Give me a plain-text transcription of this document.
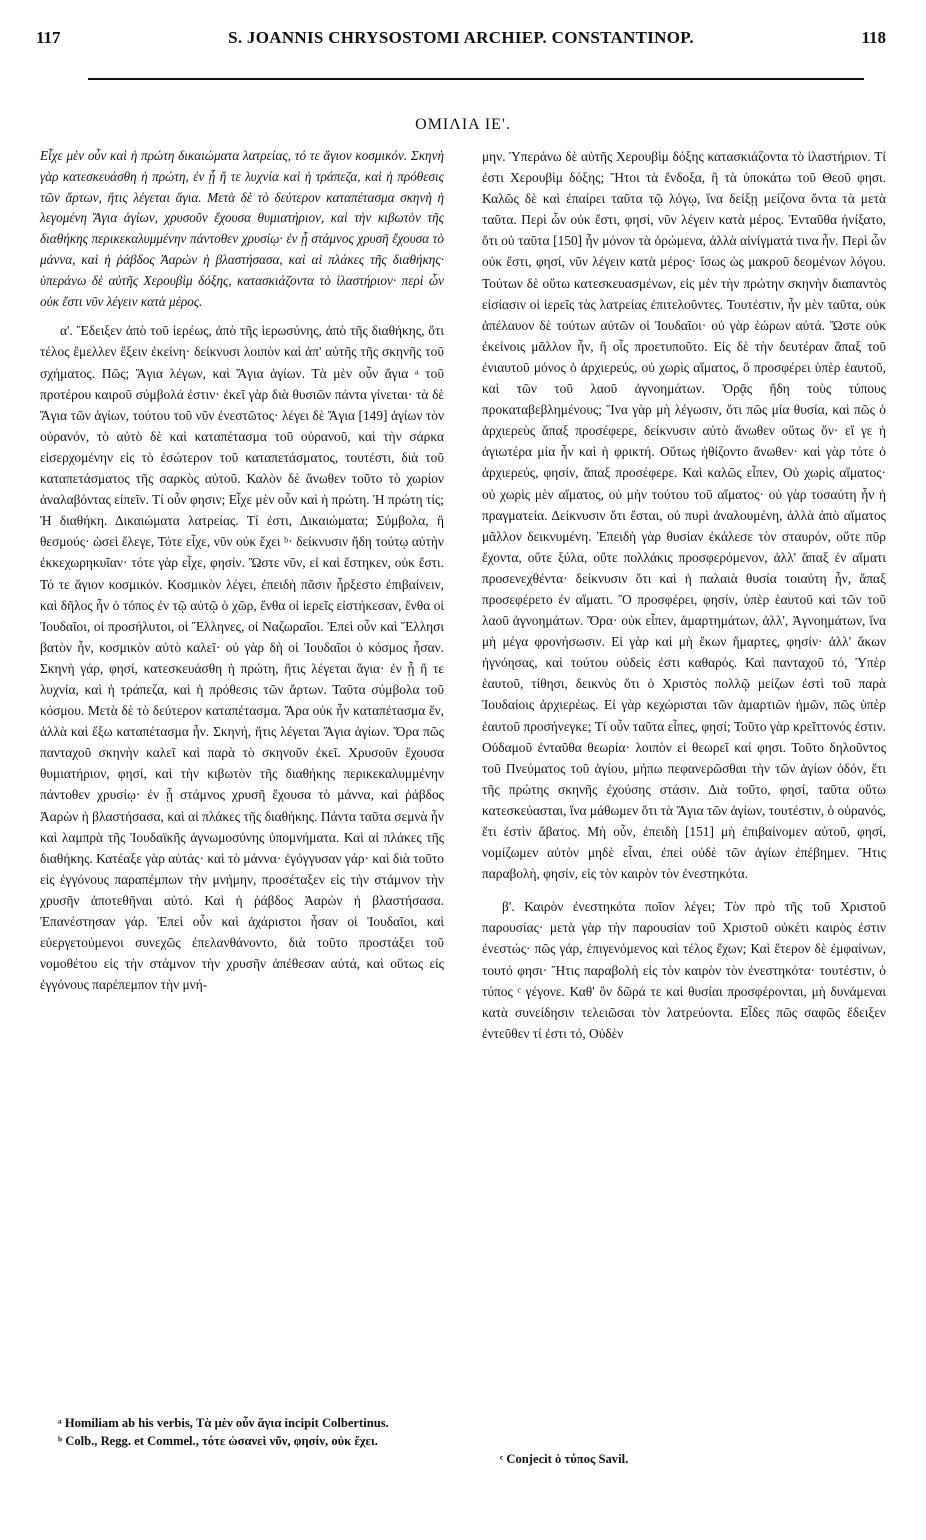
117	S. JOANNIS CHRYSOSTOMI ARCHIEP. CONSTANTINOP.	118
ΟΜΙΛΙΑ ΙΕ'.

Εἶχε μὲν οὖν καὶ ἡ πρώτη δικαιώματα λατρείας, τό τε ἅγιον κοσμικόν. Σκηνὴ γὰρ κατεσκευάσθη ἡ πρώτη, ἐν ᾗ ἥ τε λυχνία καὶ ἡ τράπεζα, καὶ ἡ πρόθεσις τῶν ἄρτων, ἥτις λέγεται ἅγια. Μετὰ δὲ τὸ δεύτερον καταπέτασμα σκηνὴ ἡ λεγομένη Ἅγια ἁγίων, χρυσοῦν ἔχουσα θυμιατήριον, καὶ τὴν κιβωτὸν τῆς διαθήκης περικεκαλυμμένην πάντοθεν χρυσίῳ· ἐν ᾗ στάμνος χρυσῆ ἔχουσα τὸ μάννα, καὶ ἡ ῥάβδος Ἀαρὼν ἡ βλαστήσασα, καὶ αἱ πλάκες τῆς διαθήκης· ὑπεράνω δὲ αὐτῆς Χερουβὶμ δόξης, κατασκιάζοντα τὸ ἱλαστήριον· περὶ ὧν οὐκ ἔστι νῦν λέγειν κατὰ μέρος.

α'. Ἔδειξεν ἀπὸ τοῦ ἱερέως, ἀπὸ τῆς ἱερωσύνης, ἀπὸ τῆς διαθήκης, ὅτι τέλος ἔμελλεν ἕξειν ἐκείνη· δείκνυσι λοιπὸν καὶ ἀπ' αὐτῆς τῆς σκηνῆς τοῦ σχήματος. Πῶς; Ἅγια λέγων, καὶ Ἅγια ἁγίων. Τὰ μὲν οὖν ἅγια ᵃ τοῦ προτέρου καιροῦ σύμβολά ἐστιν· ἐκεῖ γὰρ διὰ θυσιῶν πάντα γίνεται· τὰ δὲ Ἅγια τῶν ἁγίων, τούτου τοῦ νῦν ἐνεστῶτος· λέγει δὲ Ἅγια [149] ἁγίων τὸν οὐρανόν, τὸ αὐτὸ δὲ καὶ καταπέτασμα τοῦ οὐρανοῦ, καὶ τὴν σάρκα εἰσερχομένην εἰς τὸ ἐσώτερον τοῦ καταπετάσματος, τουτέστι, διὰ τοῦ καταπετάσματος τῆς σαρκὸς αὐτοῦ. Καλὸν δὲ ἄνωθεν τοῦτο τὸ χωρίον ἀναλαβόντας εἰπεῖν. Τί οὖν φησιν; Εἶχε μὲν οὖν καὶ ἡ πρώτη. Ἡ πρώτη τίς; Ἡ διαθήκη. Δικαιώματα λατρείας. Τί ἐστι, Δικαιώματα; Σύμβολα, ἢ θεσμούς· ὡσεὶ ἔλεγε, Τότε εἶχε, νῦν οὐκ ἔχει ᵇ· δείκνυσιν ἤδη τούτῳ αὐτὴν ἐκκεχωρηκυῖαν· τότε γὰρ εἶχε, φησίν. Ὥστε νῦν, εἰ καὶ ἕστηκεν, οὐκ ἔστι. Τό τε ἅγιον κοσμικόν. Κοσμικὸν λέγει, ἐπειδὴ πᾶσιν ἦρξεστο ἐπιβαίνειν, καὶ δῆλος ἦν ὁ τόπος ἐν τῷ αὐτῷ ὁ χῶρ, ἔνθα οἱ ἱερεῖς εἰστήκεσαν, ἔνθα οἱ Ἰουδαῖοι, οἱ προσήλυτοι, οἱ Ἕλληνες, οἱ Ναζωραῖοι. Ἐπεὶ οὖν καὶ Ἕλλησι βατὸν ἦν, κοσμικὸν αὐτὸ καλεῖ· οὐ γὰρ δὴ οἱ Ἰουδαῖοι ὁ κόσμος ἦσαν. Σκηνὴ γάρ, φησί, κατεσκευάσθη ἡ πρώτη, ἥτις λέγεται ἅγια· ἐν ᾗ ἥ τε λυχνία, καὶ ἡ τράπεζα, καὶ ἡ πρόθεσις τῶν ἄρτων. Ταῦτα σύμβολα τοῦ κόσμου. Μετὰ δὲ τὸ δεύτερον καταπέτασμα. Ἄρα οὐκ ἦν καταπέτασμα ἕν, ἀλλὰ καὶ ἔξω καταπέτασμα ἦν. Σκηνή, ἥτις λέγεται Ἅγια ἁγίων. Ὅρα πῶς πανταχοῦ σκηνὴν καλεῖ καὶ παρὰ τὸ σκηνοῦν ἐκεῖ. Χρυσοῦν ἔχουσα θυμιατήριον, φησί, καὶ τὴν κιβωτὸν τῆς διαθήκης περικεκαλυμμένην πάντοθεν χρυσίῳ· ἐν ᾗ στάμνος χρυσῆ ἔχουσα τὸ μάννα, καὶ ῥάβδος Ἀαρὼν ἡ βλαστήσασα, καὶ αἱ πλάκες τῆς διαθήκης. Πάντα ταῦτα σεμνὰ ἦν καὶ λαμπρὰ τῆς Ἰουδαϊκῆς ἀγνωμοσύνης ὑπομνήματα. Καὶ αἱ πλάκες τῆς διαθήκης. Κατέαξε γὰρ αὐτάς· καὶ τὸ μάννα· ἐγόγγυσαν γάρ· καὶ διὰ τοῦτο εἰς ἐγγόνους παραπέμπων τὴν μνήμην, προσέταξεν εἰς τὴν στάμνον τὴν χρυσῆν ἀποτεθῆναι αὐτό. Καὶ ἡ ῥάβδος Ἀαρὼν ἡ βλαστήσασα. Ἐπανέστησαν γάρ. Ἐπεὶ οὖν καὶ ἀχάριστοι ἦσαν οἱ Ἰουδαῖοι, καὶ εὐεργετούμενοι συνεχῶς ἐπελανθάνοντο, διὰ τοῦτο προστάξει τοῦ νομοθέτου εἰς τὴν στάμνον τὴν χρυσῆν ἀπέθεσαν αὐτά, καὶ οὕτως εἰς ἐγγόνους παρέπεμπον τὴν μνή-

μην. Ὑπεράνω δὲ αὐτῆς Χερουβὶμ δόξης κατασκιάζοντα τὸ ἱλαστήριον. Τί ἐστι Χερουβὶμ δόξης; Ἤτοι τὰ ἔνδοξα, ἢ τὰ ὑποκάτω τοῦ Θεοῦ φησι. Καλῶς δὲ καὶ ἐπαίρει ταῦτα τῷ λόγῳ, ἵνα δείξῃ μείζονα ὄντα τὰ μετὰ ταῦτα. Περὶ ὧν οὐκ ἔστι, φησί, νῦν λέγειν κατὰ μέρος. Ἐνταῦθα ἠνίξατο, ὅτι οὐ ταῦτα [150] ἦν μόνον τὰ ὁρώμενα, ἀλλὰ αἰνίγματά τινα ἦν. Περὶ ὧν οὐκ ἔστι, φησί, νῦν λέγειν κατὰ μέρος· ἴσως ὡς μακροῦ δεομένων λόγου. Τούτων δὲ οὕτω κατεσκευασμένων, εἰς μὲν τὴν πρώτην σκηνὴν διαπαντὸς εἰσίασιν οἱ ἱερεῖς τὰς λατρείας ἐπιτελοῦντες. Τουτέστιν, ἦν μὲν ταῦτα, οὐκ ἀπέλαυον δὲ τούτων αὐτῶν οἱ Ἰουδαῖοι· οὐ γὰρ ἑώρων αὐτά. Ὥστε οὐκ ἐκείνοις μᾶλλον ἦν, ἢ οἷς προετυποῦτο. Εἰς δὲ τὴν δευτέραν ἅπαξ τοῦ ἐνιαυτοῦ μόνος ὁ ἀρχιερεύς, οὐ χωρὶς αἵματος, ὃ προσφέρει ὑπὲρ ἑαυτοῦ, καὶ τῶν τοῦ λαοῦ ἀγνοημάτων. Ὁρᾷς ἤδη τοὺς τύπους προκαταβεβλημένους; Ἵνα γὰρ μὴ λέγωσιν, ὅτι πῶς μία θυσία, καὶ πῶς ὁ ἀρχιερεὺς ἅπαξ προσέφερε, δείκνυσιν αὐτὸ ἄνωθεν οὕτως ὄν· εἴ γε ἡ ἀγιωτέρα μία ἦν καὶ ἡ φρικτή. Οὕτως ἠθίζοντο ἄνωθεν· καὶ γὰρ τότε ὁ ἀρχιερεύς, φησίν, ἅπαξ προσέφερε. Καὶ καλῶς εἶπεν, Οὐ χωρὶς αἵματος· οὐ χωρὶς μὲν αἵματος, οὐ μὴν τούτου τοῦ αἵματος· οὐ γὰρ τοσαύτη ἦν ἡ πραγματεία. Δείκνυσιν ὅτι ἔσται, οὐ πυρὶ ἀναλουμένη, ἀλλὰ ἀπὸ αἵματος μᾶλλον δεικνυμένη. Ἐπειδὴ γὰρ θυσίαν ἐκάλεσε τὸν σταυρόν, οὔτε πῦρ ἔχοντα, οὔτε ξύλα, οὔτε πολλάκις προσφερόμενον, ἀλλ' ἅπαξ ἐν αἵματι προσενεχθέντα· δείκνυσιν ὅτι καὶ ἡ παλαιὰ θυσία τοιαύτη ἦν, ἅπαξ προσεφέρετο ἐν αἵματι. Ὃ προσφέρει, φησίν, ὑπὲρ ἑαυτοῦ καὶ τῶν τοῦ λαοῦ ἀγνοημάτων. Ὅρα· οὐκ εἶπεν, ἁμαρτημάτων, ἀλλ', Ἀγνοημάτων, ἵνα μὴ μέγα φρονήσωσιν. Εἰ γὰρ καὶ μὴ ἔκων ἥμαρτες, φησίν· ἀλλ' ἄκων ἠγνόησας, καὶ τούτου οὐδεὶς ἐστι καθαρός. Καὶ πανταχοῦ τό, Ὑπὲρ ἑαυτοῦ, τίθησι, δεικνὺς ὅτι ὁ Χριστὸς πολλῷ μείζων ἐστὶ τοῦ παρὰ Ἰουδαίοις ἀρχιερέως. Εἰ γὰρ κεχώρισται τῶν ἁμαρτιῶν ἡμῶν, πῶς ὑπὲρ ἑαυτοῦ προσήνεγκε; Τί οὖν ταῦτα εἶπες, φησί; Τοῦτο γὰρ κρεῖττονός ἐστιν. Οὐδαμοῦ ἐνταῦθα θεωρία· λοιπὸν εἰ θεωρεῖ καί φησι. Τοῦτο δηλοῦντος τοῦ Πνεύματος τοῦ ἁγίου, μήπω πεφανερῶσθαι τὴν τῶν ἁγίων ὁδόν, ἔτι τῆς πρώτης σκηνῆς ἐχούσης στάσιν. Διὰ τοῦτο, φησί, ταῦτα οὕτω κατεσκεύασται, ἵνα μάθωμεν ὅτι τὰ Ἅγια τῶν ἁγίων, τουτέστιν, ὁ οὐρανός, ἔτι ἐστὶν ἄβατος. Μὴ οὖν, ἐπειδὴ [151] μὴ ἐπιβαίνομεν αὐτοῦ, φησί, νομίζωμεν αὐτὸν μηδὲ εἶναι, ἐπεὶ οὐδὲ τῶν ἁγίων ἐπέβημεν. Ἥτις παραβολὴ, φησίν, εἰς τὸν καιρὸν τὸν ἐνεστηκότα.

β'. Καιρὸν ἐνεστηκότα ποῖον λέγει; Τὸν πρὸ τῆς τοῦ Χριστοῦ παρουσίας· μετὰ γὰρ τὴν παρουσίαν τοῦ Χριστοῦ οὐκέτι καιρὸς ἐστιν ἐνεστώς· πῶς γάρ, ἐπιγενόμενος καὶ τέλος ἔχων; Καὶ ἕτερον δὲ ἐμφαίνων, τουτό φησι· Ἥτις παραβολὴ εἰς τὸν καιρὸν τὸν ἐνεστηκότα· τουτέστιν, ὁ τύπος ᶜ γέγονε. Καθ' ὃν δῶρά τε καὶ θυσίαι προσφέρονται, μὴ δυνάμεναι κατὰ συνείδησιν τελειῶσαι τὸν λατρεύοντα. Εἶδες πῶς σαφῶς ἔδειξεν ἐντεῦθεν τί ἐστι τό, Οὐδὲν

ᵃ Homiliam ab his verbis, Τὰ μὲν οὖν ἅγια incipit Colbertinus.

ᵇ Colb., Regg. et Commel., τότε ὡσανεὶ νῦν, φησίν, οὐκ ἔχει.

ᶜ Conjecit ὁ τύπος Savil.
